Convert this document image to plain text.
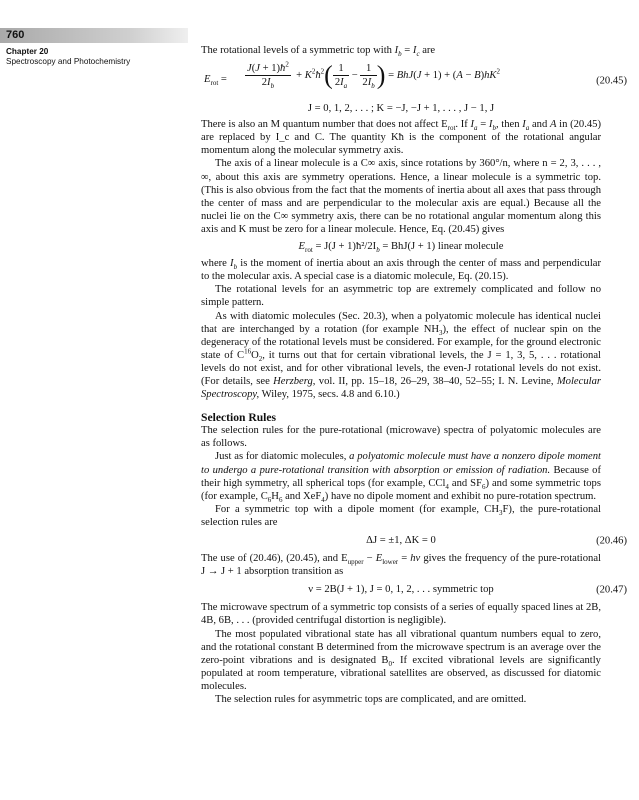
760
Chapter 20
Spectroscopy and Photochemistry

The rotational levels of a symmetric top with $I_b = I_c$ are

$E_{rot} = \frac{J(J + 1)ħ^2}{2I_b}$ + $K^2ħ^2( \frac{1}{2I_a} - \frac{1}{2I_b}$ ) = $BhJ(J + 1) + (A - B)hK^2$
(20.45)
J = 0, 1, 2, . . . ; K = −J, −J + 1, . . . , J − 1, J

There is also an M quantum number that does not affect $E_{rot}$. If $I_a = I_b$, then $I_a$ and A in (20.45) are replaced by I_c and C. The quantity Kħ is the component of the rotational angular momentum along the molecular symmetry axis.

The axis of a linear molecule is a C∞ axis, since rotations by 360°/n, where n = 2, 3, . . . , ∞, about this axis are symmetry operations. Hence, a linear molecule is a symmetric top. (This is also obvious from the fact that the moments of inertia about all axes that pass through the center of mass and are perpendicular to the molecular axis are equal.) Because all the nuclei lie on the C∞ symmetry axis, there can be no rotational angular momentum along this axis and K must be zero for a linear molecule. Hence, Eq. (20.45) gives

$E_{rot} = J(J$ + $1)ħ^2/2I_b = BhJ(J + 1)$ linear molecule

where $I_b$ is the moment of inertia about an axis through the center of mass and perpendicular to the molecular axis. A special case is a diatomic molecule, Eq. (20.15).

The rotational levels for an asymmetric top are extremely complicated and follow no simple pattern.

As with diatomic molecules (Sec. 20.3), when a polyatomic molecule has identical nuclei that are interchanged by a rotation (for example $NH_3$), the effect of nuclear spin on the degeneracy of the rotational levels must be considered. For example, for the ground electronic state of $C^{16}O_2$, it turns out that for certain vibrational levels, the J = 1, 3, 5, . . . rotational levels do not exist, and for other vibrational levels, the even-J rotational levels do not exist. (For details, see Herzberg, vol. II, pp. 15–18, 26–29, 38–40, 52–55; I. N. Levine, Molecular Spectroscopy, Wiley, 1975, secs. 4.8 and 6.10.)

Selection Rules

The selection rules for the pure-rotational (microwave) spectra of polyatomic molecules are as follows.

Just as for diatomic molecules, a polyatomic molecule must have a nonzero dipole moment to undergo a pure-rotational transition with absorption or emission of radiation. Because of their high symmetry, all spherical tops (for example, CCl$_4$ and $SF_6$) and some symmetric tops (for example, $C_6H_6$ and XeF$_4$) have no dipole moment and exhibit no pure-rotation spectrum.

For a symmetric top with a dipole moment (for example, $CH_3F$), the pure-rotational selection rules are

ΔJ = ±1, ΔK = 0	(20.46)

The use of (20.46), (20.45), and $E_{upper} - E_{lower} = h\nu$ gives the frequency of the pure-rotational J → J + 1 absorption transition as

ν = 2B(J + 1), J = 0, 1, 2, . . . symmetric top	(20.47)

The microwave spectrum of a symmetric top consists of a series of equally spaced lines at 2B, 4B, 6B, . . . (provided centrifugal distortion is negligible).

The most populated vibrational state has all vibrational quantum numbers equal to zero, and the rotational constant B determined from the microwave spectrum is an average over the zero-point vibrations and is designated $B_0$. If excited vibrational levels are significantly populated at room temperature, vibrational satellites are observed, as discussed for diatomic molecules.

The selection rules for asymmetric tops are complicated, and are omitted.
